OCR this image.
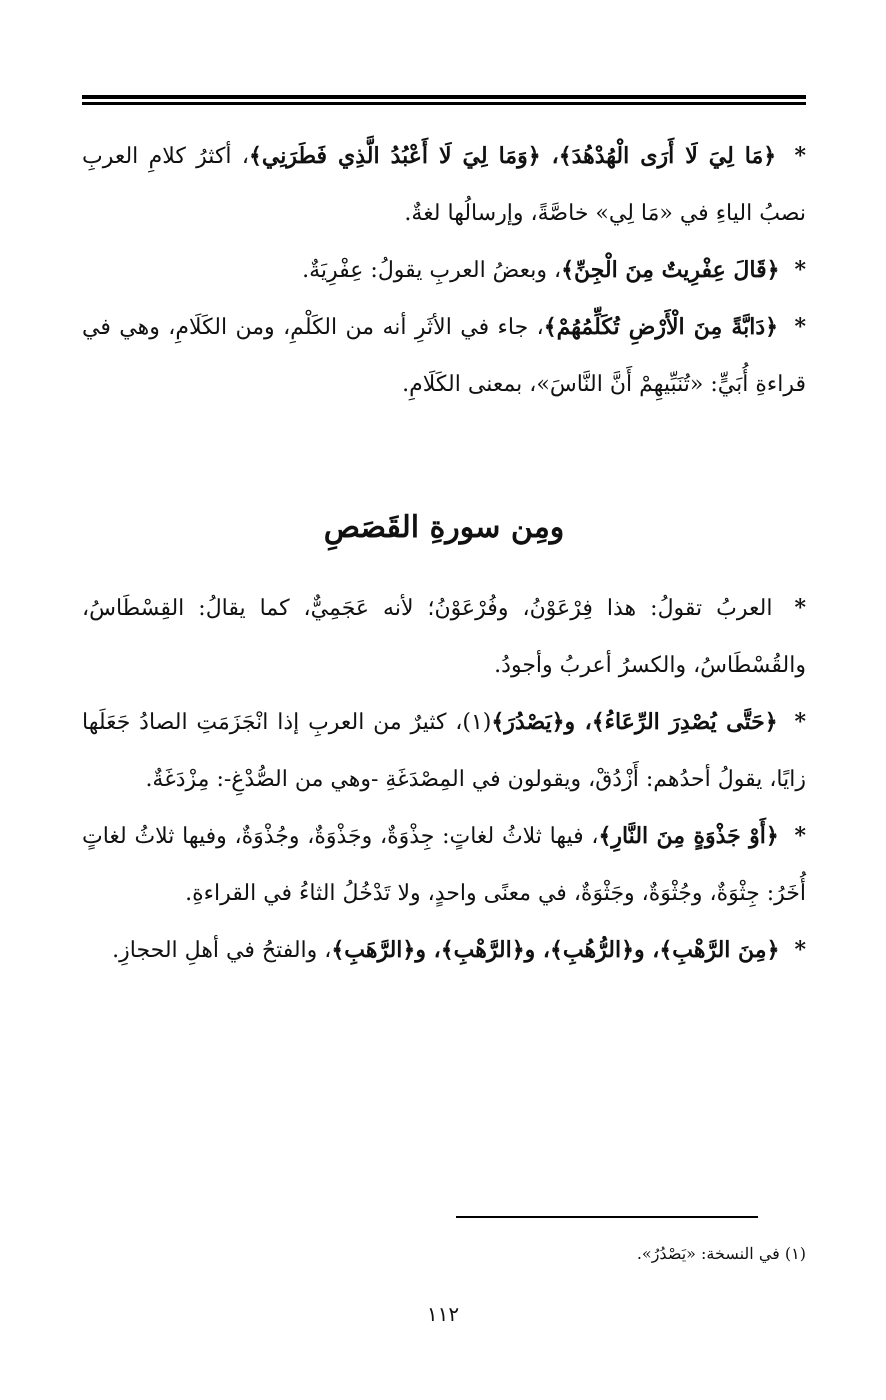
* ﴿مَا لِيَ لَا أَرَى الْهُدْهُدَ﴾، ﴿وَمَا لِيَ لَا أَعْبُدُ الَّذِي فَطَرَنِي﴾، أكثرُ كلامِ العربِ نصبُ الياءِ في «مَا لِي» خاصَّةً، وإرسالُها لغةٌ.

* ﴿قَالَ عِفْرِيتٌ مِنَ الْجِنِّ﴾، وبعضُ العربِ يقولُ: عِفْرِيَةٌ.

* ﴿دَابَّةً مِنَ الْأَرْضِ تُكَلِّمُهُمْ﴾، جاء في الأثَرِ أنه من الكَلْمِ، ومن الكَلَامِ، وهي في قراءةِ أُبَيٍّ: «تُنَبِّيهِمْ أَنَّ النَّاسَ»، بمعنى الكَلَامِ.

ومِن سورةِ القَصَصِ

* العربُ تقولُ: هذا فِرْعَوْنُ، وفُرْعَوْنُ؛ لأنه عَجَمِيٌّ، كما يقالُ: القِسْطَاسُ، والقُسْطَاسُ، والكسرُ أعربُ وأجودُ.

* ﴿حَتَّى يُصْدِرَ الرِّعَاءُ﴾، و﴿يَصْدُرَ﴾(١)، كثيرٌ من العربِ إذا انْجَزَمَتِ الصادُ جَعَلَها زايًا، يقولُ أحدُهم: أَزْدُقْ، ويقولون في المِصْدَغَةِ -وهي من الصُّدْغِ-: مِزْدَغَةٌ.

* ﴿أَوْ جَذْوَةٍ مِنَ النَّارِ﴾، فيها ثلاثُ لغاتٍ: جِذْوَةٌ، وجَذْوَةٌ، وجُذْوَةٌ، وفيها ثلاثُ لغاتٍ أُخَرُ: جِثْوَةٌ، وجُثْوَةٌ، وجَثْوَةٌ، في معنًى واحدٍ، ولا تَدْخُلُ الثاءُ في القراءةِ.

* ﴿مِنَ الرَّهْبِ﴾، و﴿الرُّهُبِ﴾، و﴿الرَّهْبِ﴾، و﴿الرَّهَبِ﴾، والفتحُ في أهلِ الحجازِ.

(١) في النسخة: «يَصْدُرُ».
١١٢
